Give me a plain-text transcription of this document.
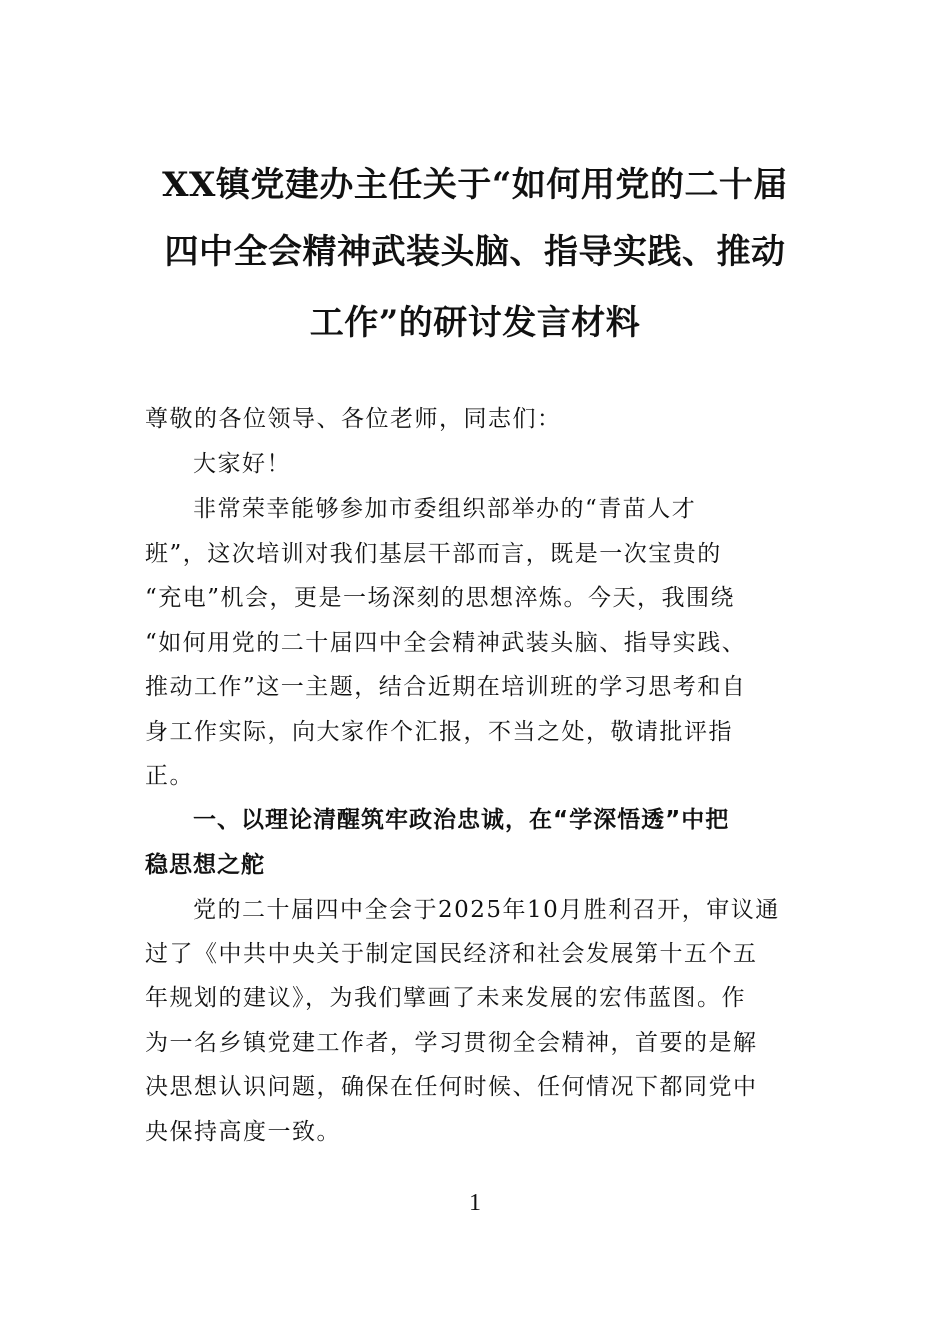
XX镇党建办主任关于“如何用党的二十届
四中全会精神武装头脑、指导实践、推动
工作”的研讨发言材料
尊敬的各位领导、各位老师，同志们：
大家好！
非常荣幸能够参加市委组织部举办的“青苗人才
班”，这次培训对我们基层干部而言，既是一次宝贵的
“充电”机会，更是一场深刻的思想淬炼。今天，我围绕
“如何用党的二十届四中全会精神武装头脑、指导实践、
推动工作”这一主题，结合近期在培训班的学习思考和自
身工作实际，向大家作个汇报，不当之处，敬请批评指
正。
一、以理论清醒筑牢政治忠诚，在“学深悟透”中把
稳思想之舵
党的二十届四中全会于2025年10月胜利召开，审议通
过了《中共中央关于制定国民经济和社会发展第十五个五
年规划的建议》，为我们擘画了未来发展的宏伟蓝图。作
为一名乡镇党建工作者，学习贯彻全会精神，首要的是解
决思想认识问题，确保在任何时候、任何情况下都同党中
央保持高度一致。
1
